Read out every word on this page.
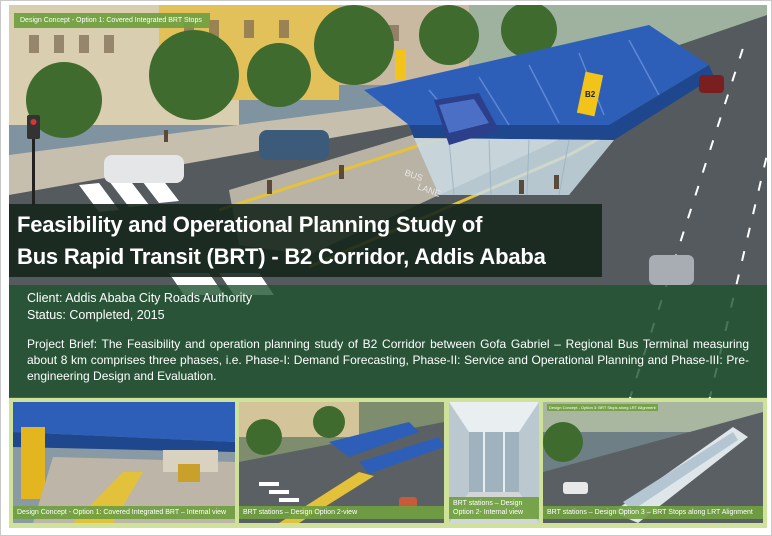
B2
BUS
LANE
Design Concept - Option 1: Covered Integrated BRT Stops
Feasibility and Operational Planning Study of
Bus Rapid Transit (BRT) - B2 Corridor, Addis Ababa
Client: Addis Ababa City Roads Authority
Status: Completed, 2015
Project Brief: The Feasibility and operation planning study of B2 Corridor between Gofa Gabriel – Regional Bus Terminal measuring about 8 km comprises three phases, i.e. Phase-I: Demand Forecasting, Phase-II: Service and Operational Planning and Phase-III: Pre-engineering Design and Evaluation.
Design Concept - Option 1: Covered Integrated BRT – Internal view	BRT stations – Design Option 2-view
BRT stations – Design Option 2- Internal view
Design Concept - Option 3: BRT Stops along LRT Alignment
BRT stations – Design Option 3 – BRT Stops along LRT Alignment
